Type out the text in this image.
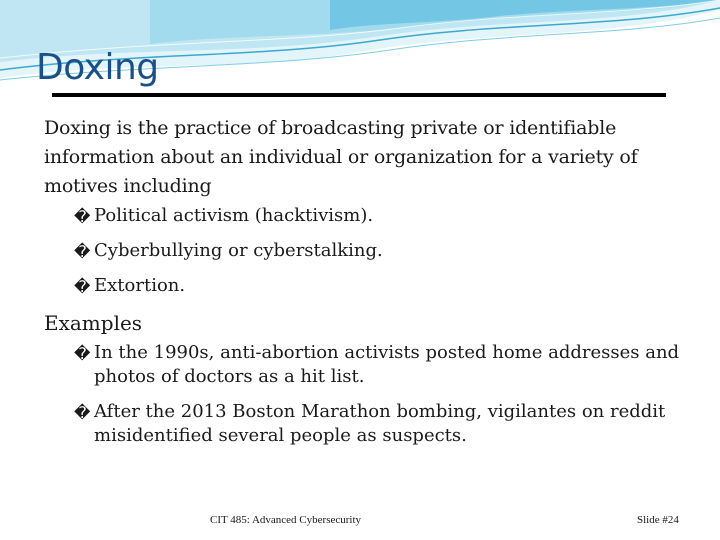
Doxing

Doxing is the practice of broadcasting private or identifiable information about an individual or organization for a variety of motives including

� Political activism (hacktivism).
� Cyberbullying or cyberstalking.
� Extortion.

Examples

� In the 1990s, anti-abortion activists posted home addresses and photos of doctors as a hit list.
� After the 2013 Boston Marathon bombing, vigilantes on reddit misidentified several people as suspects.
CIT 485: Advanced Cybersecurity	Slide #24
